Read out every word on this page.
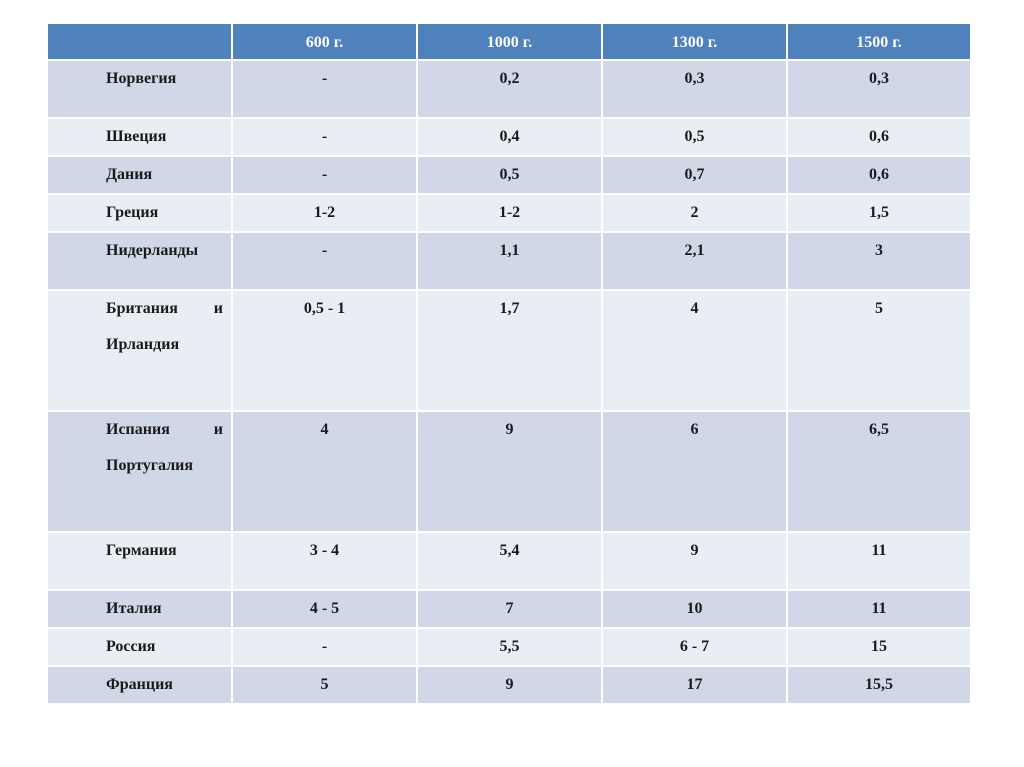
	600 г.	1000 г.	1300 г.	1500 г.
Норвегия	-	0,2	0,3	0,3
Швеция	-	0,4	0,5	0,6
Дания	-	0,5	0,7	0,6
Греция	1-2	1-2	2	1,5
Нидерланды	-	1,1	2,1	3

Британия и
Ирландия	0,5 - 1	1,7	4	5

Испания и
Португалия	4	9	6	6,5
Германия	3 - 4	5,4	9	11
Италия	4 - 5	7	10	11
Россия	-	5,5	6 - 7	15
Франция	5	9	17	15,5
